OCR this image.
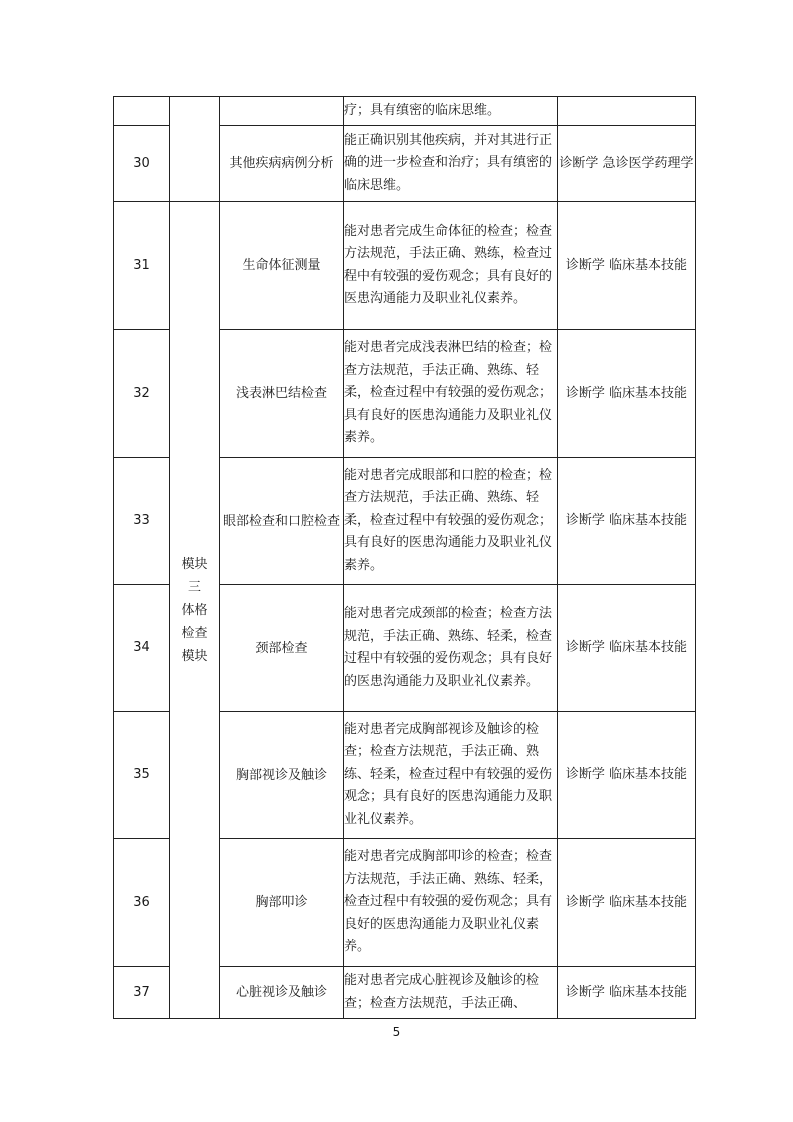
			疗；具有缜密的临床思维。	
30		其他疾病病例分析	能正确识别其他疾病，并对其进行正确的进一步检查和治疗；具有缜密的临床思维。	诊断学 急诊医学药理学
31	模块
三
体格
检查
模块	生命体征测量	能对患者完成生命体征的检查；检查方法规范，手法正确、熟练，检查过程中有较强的爱伤观念；具有良好的医患沟通能力及职业礼仪素养。	诊断学 临床基本技能
32		浅表淋巴结检查	能对患者完成浅表淋巴结的检查；检查方法规范，手法正确、熟练、轻柔，检查过程中有较强的爱伤观念；具有良好的医患沟通能力及职业礼仪素养。	诊断学 临床基本技能
33		眼部检查和口腔检查	能对患者完成眼部和口腔的检查；检查方法规范，手法正确、熟练、轻柔，检查过程中有较强的爱伤观念；具有良好的医患沟通能力及职业礼仪素养。	诊断学 临床基本技能
34		颈部检查	能对患者完成颈部的检查；检查方法规范，手法正确、熟练、轻柔，检查过程中有较强的爱伤观念；具有良好的医患沟通能力及职业礼仪素养。	诊断学 临床基本技能
35		胸部视诊及触诊	能对患者完成胸部视诊及触诊的检查；检查方法规范，手法正确、熟练、轻柔，检查过程中有较强的爱伤观念；具有良好的医患沟通能力及职业礼仪素养。	诊断学 临床基本技能
36		胸部叩诊	能对患者完成胸部叩诊的检查；检查方法规范，手法正确、熟练、轻柔，检查过程中有较强的爱伤观念；具有良好的医患沟通能力及职业礼仪素养。	诊断学 临床基本技能
37		心脏视诊及触诊	能对患者完成心脏视诊及触诊的检查；检查方法规范，手法正确、	诊断学 临床基本技能
5
